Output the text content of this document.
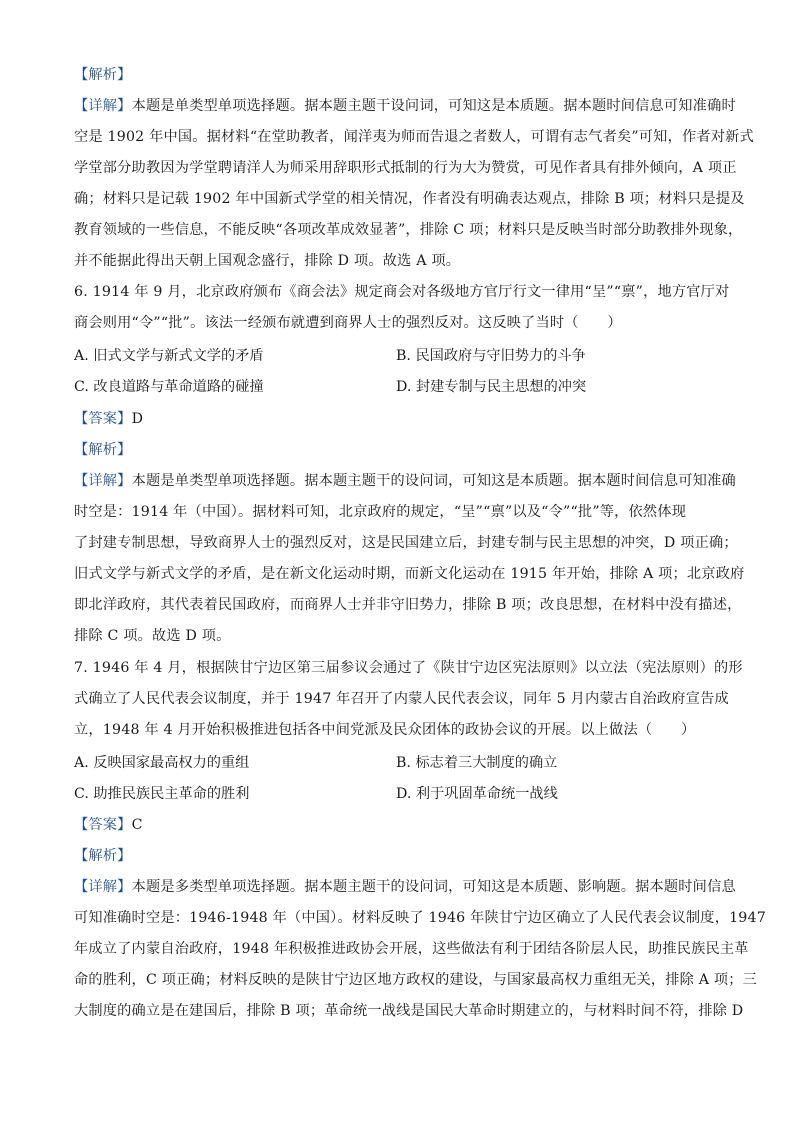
【解析】
【详解】本题是单类型单项选择题。据本题主题干设问词，可知这是本质题。据本题时间信息可知准确时
空是 1902 年中国。据材料“在堂助教者，闻洋夷为师而告退之者数人，可谓有志气者矣”可知，作者对新式
学堂部分助教因为学堂聘请洋人为师采用辞职形式抵制的行为大为赞赏，可见作者具有排外倾向，A 项正
确；材料只是记载 1902 年中国新式学堂的相关情况，作者没有明确表达观点，排除 B 项；材料只是提及
教育领域的一些信息，不能反映“各项改革成效显著”，排除 C 项；材料只是反映当时部分助教排外现象，
并不能据此得出天朝上国观念盛行，排除 D 项。故选 A 项。
6. 1914 年 9 月，北京政府颁布《商会法》规定商会对各级地方官厅行文一律用“呈”“禀”，地方官厅对
商会则用“令”“批”。该法一经颁布就遭到商界人士的强烈反对。这反映了当时（　　）
A. 旧式文学与新式文学的矛盾	B. 民国政府与守旧势力的斗争
C. 改良道路与革命道路的碰撞	D. 封建专制与民主思想的冲突
【答案】D
【解析】
【详解】本题是单类型单项选择题。据本题主题干的设问词，可知这是本质题。据本题时间信息可知准确
时空是：1914 年（中国）。据材料可知，北京政府的规定，“呈”“禀”以及“令”“批”等，依然体现
了封建专制思想，导致商界人士的强烈反对，这是民国建立后，封建专制与民主思想的冲突，D 项正确；
旧式文学与新式文学的矛盾，是在新文化运动时期，而新文化运动在 1915 年开始，排除 A 项；北京政府
即北洋政府，其代表着民国政府，而商界人士并非守旧势力，排除 B 项；改良思想，在材料中没有描述，
排除 C 项。故选 D 项。
7. 1946 年 4 月，根据陕甘宁边区第三届参议会通过了《陕甘宁边区宪法原则》以立法（宪法原则）的形
式确立了人民代表会议制度，并于 1947 年召开了内蒙人民代表会议，同年 5 月内蒙古自治政府宣告成
立，1948 年 4 月开始积极推进包括各中间党派及民众团体的政协会议的开展。以上做法（　　）
A. 反映国家最高权力的重组	B. 标志着三大制度的确立
C. 助推民族民主革命的胜利	D. 利于巩固革命统一战线
【答案】C
【解析】
【详解】本题是多类型单项选择题。据本题主题干的设问词，可知这是本质题、影响题。据本题时间信息
可知准确时空是：1946-1948 年（中国）。材料反映了 1946 年陕甘宁边区确立了人民代表会议制度，1947
年成立了内蒙自治政府，1948 年积极推进政协会开展，这些做法有利于团结各阶层人民，助推民族民主革
命的胜利，C 项正确；材料反映的是陕甘宁边区地方政权的建设，与国家最高权力重组无关，排除 A 项；三
大制度的确立是在建国后，排除 B 项；革命统一战线是国民大革命时期建立的，与材料时间不符，排除 D
